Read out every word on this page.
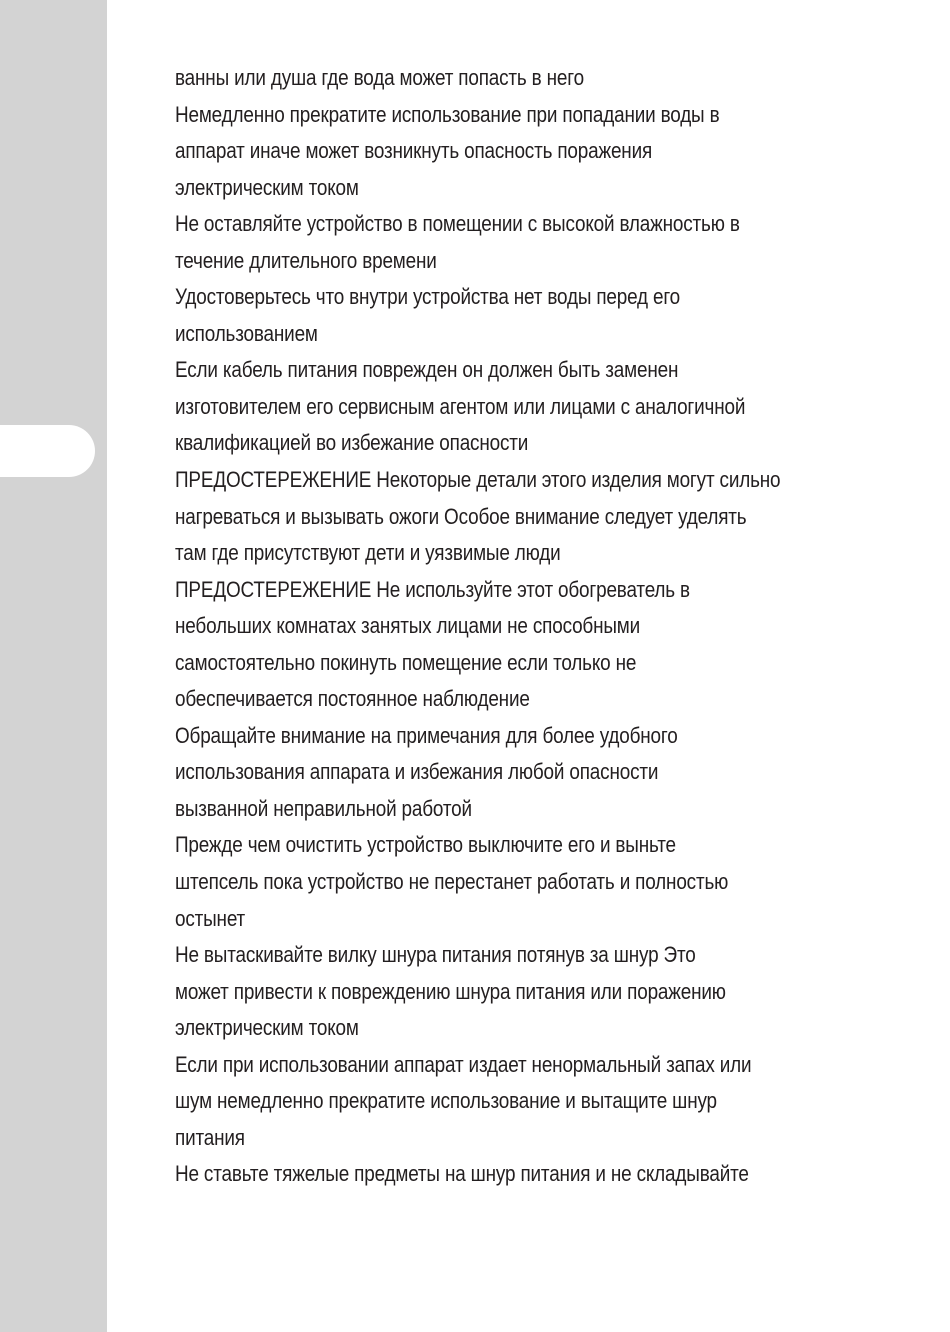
ванны или душа где вода может попасть в него
Немедленно прекратите использование при попадании воды в
аппарат иначе может возникнуть опасность поражения
электрическим током
Не оставляйте устройство в помещении с высокой влажностью в
течение длительного времени
Удостоверьтесь что внутри устройства нет воды перед его
использованием
Если кабель питания поврежден он должен быть заменен
изготовителем его сервисным агентом или лицами с аналогичной
квалификацией во избежание опасности
ПРЕДОСТЕРЕЖЕНИЕ Некоторые детали этого изделия могут сильно
нагреваться и вызывать ожоги Особое внимание следует уделять
там где присутствуют дети и уязвимые люди
ПРЕДОСТЕРЕЖЕНИЕ Не используйте этот обогреватель в
небольших комнатах занятых лицами не способными
самостоятельно покинуть помещение если только не
обеспечивается постоянное наблюдение
Обращайте внимание на примечания для более удобного
использования аппарата и избежания любой опасности
вызванной неправильной работой
Прежде чем очистить устройство выключите его и выньте
штепсель пока устройство не перестанет работать и полностью
остынет
Не вытаскивайте вилку шнура питания потянув за шнур Это
может привести к повреждению шнура питания или поражению
электрическим током
Если при использовании аппарат издает ненормальный запах или
шум немедленно прекратите использование и вытащите шнур
питания
Не ставьте тяжелые предметы на шнур питания и не складывайте
